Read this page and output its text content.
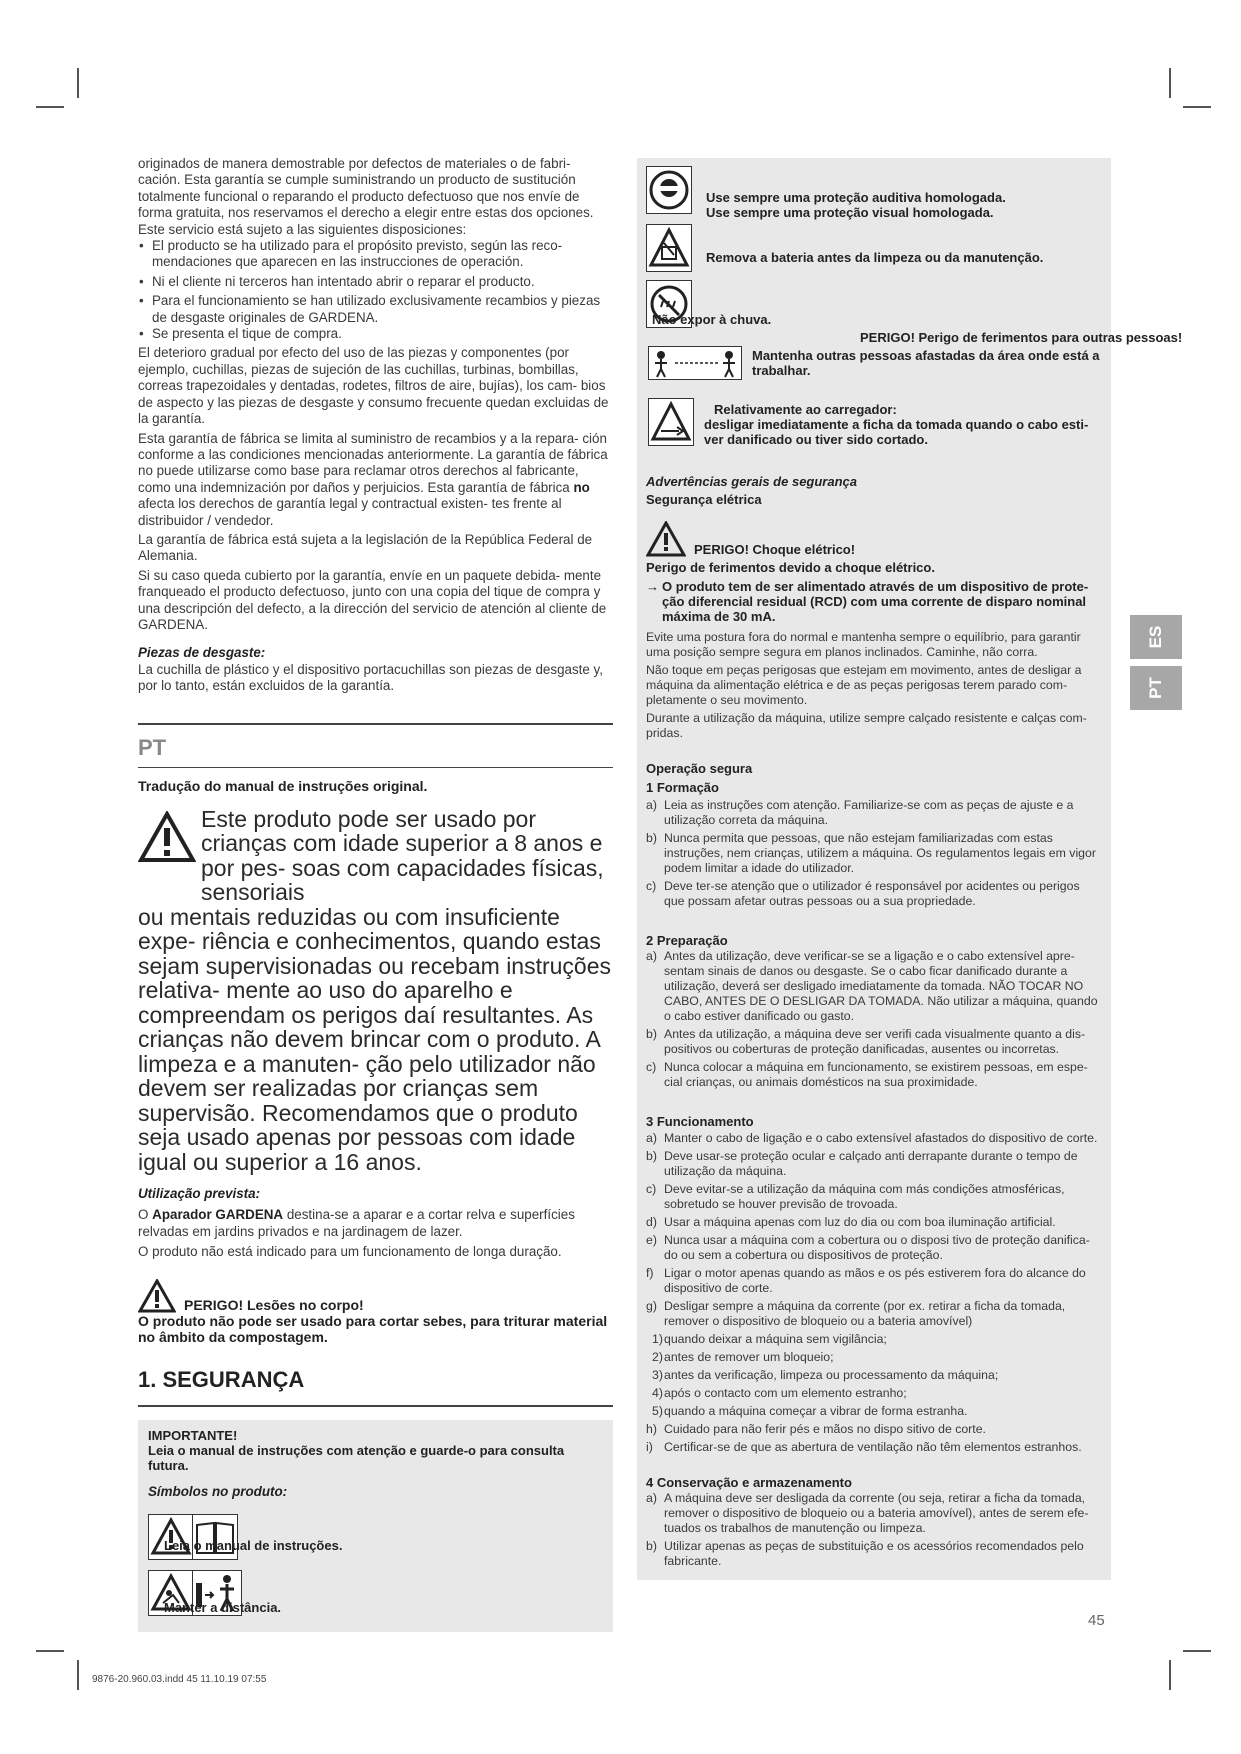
originados de manera demostrable por defectos de materiales o de fabri- cación. Esta garantía se cumple suministrando un producto de sustitución totalmente funcional o reparando el producto defectuoso que nos envíe de forma gratuita, nos reservamos el derecho a elegir entre estas dos opciones. Este servicio está sujeto a las siguientes disposiciones:

• El producto se ha utilizado para el propósito previsto, según las reco- mendaciones que aparecen en las instrucciones de operación.

• Ni el cliente ni terceros han intentado abrir o reparar el producto.

• Para el funcionamiento se han utilizado exclusivamente recambios y piezas de desgaste originales de GARDENA.

• Se presenta el tique de compra.

El deterioro gradual por efecto del uso de las piezas y componentes (por ejemplo, cuchillas, piezas de sujeción de las cuchillas, turbinas, bombillas, correas trapezoidales y dentadas, rodetes, filtros de aire, bujías), los cam- bios de aspecto y las piezas de desgaste y consumo frecuente quedan excluidas de la garantía.

Esta garantía de fábrica se limita al suministro de recambios y a la repara- ción conforme a las condiciones mencionadas anteriormente. La garantía de fábrica no puede utilizarse como base para reclamar otros derechos al fabricante, como una indemnización por daños y perjuicios. Esta garantía de fábrica no afecta los derechos de garantía legal y contractual existen- tes frente al distribuidor / vendedor.

La garantía de fábrica está sujeta a la legislación de la República Federal de Alemania.

Si su caso queda cubierto por la garantía, envíe en un paquete debida- mente franqueado el producto defectuoso, junto con una copia del tique de compra y una descripción del defecto, a la dirección del servicio de atención al cliente de GARDENA.

Piezas de desgaste:

La cuchilla de plástico y el dispositivo portacuchillas son piezas de desgaste y, por lo tanto, están excluidos de la garantía.

PT

Tradução do manual de instruções original.

Este produto pode ser usado por crianças com idade superior a 8 anos e por pes- soas com capacidades físicas, sensoriais
ou mentais reduzidas ou com insuficiente expe- riência e conhecimentos, quando estas sejam supervisionadas ou recebam instruções relativa- mente ao uso do aparelho e compreendam os perigos daí resultantes. As crianças não devem brincar com o produto. A limpeza e a manuten- ção pelo utilizador não devem ser realizadas por crianças sem supervisão. Recomendamos que o produto seja usado apenas por pessoas com idade igual ou superior a 16 anos.

Utilização prevista:

O Aparador GARDENA destina-se a aparar e a cortar relva e superfícies relvadas em jardins privados e na jardinagem de lazer.

O produto não está indicado para um funcionamento de longa duração.

PERIGO! Lesões no corpo!

O produto não pode ser usado para cortar sebes, para triturar material no âmbito da compostagem.

1. SEGURANÇA

IMPORTANTE!

Leia o manual de instruções com atenção e guarde-o para consulta futura.

Símbolos no produto:

Leia o manual de instruções.
Manter a distância.
Use sempre uma proteção auditiva homologada.
Use sempre uma proteção visual homologada.
Remova a bateria antes da limpeza ou da manutenção.
Não expor à chuva.
PERIGO! Perigo de ferimentos para outras pessoas!
Mantenha outras pessoas afastadas da área onde está a trabalhar.
Relativamente ao carregador:
desligar imediatamente a ficha da tomada quando o cabo esti- ver danificado ou tiver sido cortado.

Advertências gerais de segurança

Segurança elétrica

PERIGO! Choque elétrico!

Perigo de ferimentos devido a choque elétrico.

→ O produto tem de ser alimentado através de um dispositivo de prote- ção diferencial residual (RCD) com uma corrente de disparo nominal máxima de 30 mA.

Evite uma postura fora do normal e mantenha sempre o equilíbrio, para garantir uma posição sempre segura em planos inclinados. Caminhe, não corra.

Não toque em peças perigosas que estejam em movimento, antes de desligar a máquina da alimentação elétrica e de as peças perigosas terem parado com- pletamente o seu movimento.

Durante a utilização da máquina, utilize sempre calçado resistente e calças com- pridas.

Operação segura

1 Formação

a) Leia as instruções com atenção. Familiarize-se com as peças de ajuste e a utilização correta da máquina.
b) Nunca permita que pessoas, que não estejam familiarizadas com estas instruções, nem crianças, utilizem a máquina. Os regulamentos legais em vigor podem limitar a idade do utilizador.
c) Deve ter-se atenção que o utilizador é responsável por acidentes ou perigos que possam afetar outras pessoas ou a sua propriedade.

2 Preparação

a) Antes da utilização, deve verificar-se se a ligação e o cabo extensível apre- sentam sinais de danos ou desgaste. Se o cabo ficar danificado durante a utilização, deverá ser desligado imediatamente da tomada. NÃO TOCAR NO CABO, ANTES DE O DESLIGAR DA TOMADA. Não utilizar a máquina, quando o cabo estiver danificado ou gasto.
b) Antes da utilização, a máquina deve ser verifi cada visualmente quanto a dis- positivos ou coberturas de proteção danificadas, ausentes ou incorretas.
c) Nunca colocar a máquina em funcionamento, se existirem pessoas, em espe- cial crianças, ou animais domésticos na sua proximidade.

3 Funcionamento

a) Manter o cabo de ligação e o cabo extensível afastados do dispositivo de corte.
b) Deve usar-se proteção ocular e calçado anti derrapante durante o tempo de utilização da máquina.
c) Deve evitar-se a utilização da máquina com más condições atmosféricas, sobretudo se houver previsão de trovoada.
d) Usar a máquina apenas com luz do dia ou com boa iluminação artificial.
e) Nunca usar a máquina com a cobertura ou o disposi tivo de proteção danifica- do ou sem a cobertura ou dispositivos de proteção.
f) Ligar o motor apenas quando as mãos e os pés estiverem fora do alcance do dispositivo de corte.
g) Desligar sempre a máquina da corrente (por ex. retirar a ficha da tomada, remover o dispositivo de bloqueio ou a bateria amovível)
1) quando deixar a máquina sem vigilância;
2) antes de remover um bloqueio;
3) antes da verificação, limpeza ou processamento da máquina;
4) após o contacto com um elemento estranho;
5) quando a máquina começar a vibrar de forma estranha.
h) Cuidado para não ferir pés e mãos no dispo sitivo de corte.
i) Certificar-se de que as abertura de ventilação não têm elementos estranhos.

4 Conservação e armazenamento

a) A máquina deve ser desligada da corrente (ou seja, retirar a ficha da tomada, remover o dispositivo de bloqueio ou a bateria amovível), antes de serem efe- tuados os trabalhos de manutenção ou limpeza.
b) Utilizar apenas as peças de substituição e os acessórios recomendados pelo fabricante.
ES
PT
45
9876-20.960.03.indd 45 11.10.19 07:55
